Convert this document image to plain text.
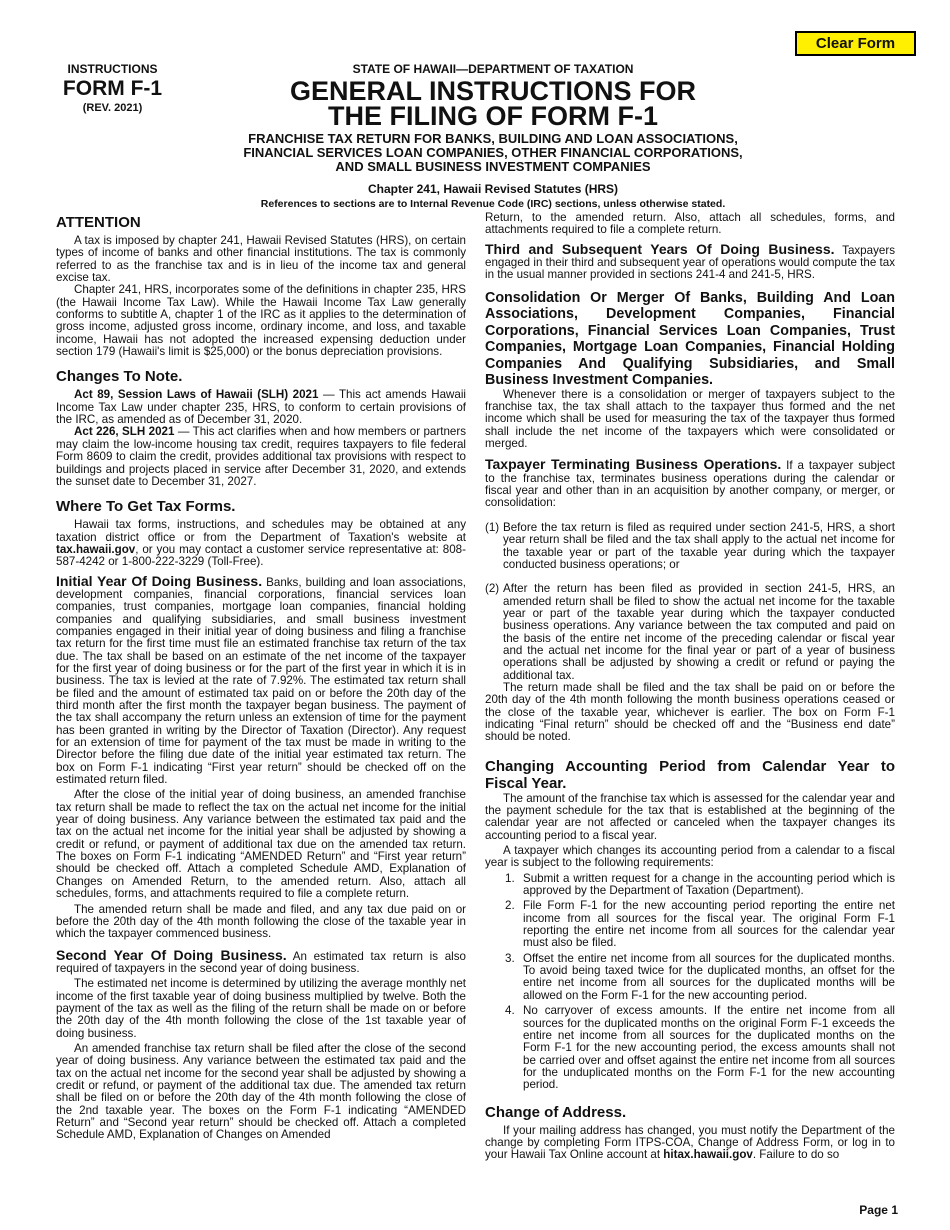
Clear Form
INSTRUCTIONS
FORM F-1
(REV. 2021)
STATE OF HAWAII—DEPARTMENT OF TAXATION
GENERAL INSTRUCTIONS FOR
THE FILING OF FORM F-1
FRANCHISE TAX RETURN FOR BANKS, BUILDING AND LOAN ASSOCIATIONS,
FINANCIAL SERVICES LOAN COMPANIES, OTHER FINANCIAL CORPORATIONS,
AND SMALL BUSINESS INVESTMENT COMPANIES
Chapter 241, Hawaii Revised Statutes (HRS)
References to sections are to Internal Revenue Code (IRC) sections, unless otherwise stated.
ATTENTION

A tax is imposed by chapter 241, Hawaii Revised Statutes (HRS), on certain types of income of banks and other financial institutions. The tax is commonly referred to as the franchise tax and is in lieu of the income tax and general excise tax.

Chapter 241, HRS, incorporates some of the definitions in chapter 235, HRS (the Hawaii Income Tax Law). While the Hawaii Income Tax Law generally conforms to subtitle A, chapter 1 of the IRC as it applies to the determination of gross income, adjusted gross income, ordinary income, and loss, and taxable income, Hawaii has not adopted the increased expensing deduction under section 179 (Hawaii's limit is $25,000) or the bonus depreciation provisions.

Changes To Note.

Act 89, Session Laws of Hawaii (SLH) 2021 — This act amends Hawaii Income Tax Law under chapter 235, HRS, to conform to certain provisions of the IRC, as amended as of December 31, 2020.

Act 226, SLH 2021 — This act clarifies when and how members or partners may claim the low-income housing tax credit, requires taxpayers to file federal Form 8609 to claim the credit, provides additional tax provisions with respect to buildings and projects placed in service after December 31, 2020, and extends the sunset date to December 31, 2027.

Where To Get Tax Forms.

Hawaii tax forms, instructions, and schedules may be obtained at any taxation district office or from the Department of Taxation's website at tax.hawaii.gov, or you may contact a customer service representative at: 808-587-4242 or 1-800-222-3229 (Toll-Free).

Initial Year Of Doing Business. Banks, building and loan associations, development companies, financial corporations, financial services loan companies, trust companies, mortgage loan companies, financial holding companies and qualifying subsidiaries, and small business investment companies engaged in their initial year of doing business and filing a franchise tax return for the first time must file an estimated franchise tax return of the tax due. The tax shall be based on an estimate of the net income of the taxpayer for the first year of doing business or for the part of the first year in which it is in business. The tax is levied at the rate of 7.92%. The estimated tax return shall be filed and the amount of estimated tax paid on or before the 20th day of the third month after the first month the taxpayer began business. The payment of the tax shall accompany the return unless an extension of time for the payment has been granted in writing by the Director of Taxation (Director). Any request for an extension of time for payment of the tax must be made in writing to the Director before the filing due date of the initial year estimated tax return. The box on Form F-1 indicating “First year return” should be checked off on the estimated return filed.

After the close of the initial year of doing business, an amended franchise tax return shall be made to reflect the tax on the actual net income for the initial year of doing business. Any variance between the estimated tax paid and the tax on the actual net income for the initial year shall be adjusted by showing a credit or refund, or payment of additional tax due on the amended tax return. The boxes on Form F-1 indicating “AMENDED Return” and “First year return” should be checked off. Attach a completed Schedule AMD, Explanation of Changes on Amended Return, to the amended return. Also, attach all schedules, forms, and attachments required to file a complete return.

The amended return shall be made and filed, and any tax due paid on or before the 20th day of the 4th month following the close of the taxable year in which the taxpayer commenced business.

Second Year Of Doing Business. An estimated tax return is also required of taxpayers in the second year of doing business.

The estimated net income is determined by utilizing the average monthly net income of the first taxable year of doing business multiplied by twelve. Both the payment of the tax as well as the filing of the return shall be made on or before the 20th day of the 4th month following the close of the 1st taxable year of doing business.

An amended franchise tax return shall be filed after the close of the second year of doing business. Any variance between the estimated tax paid and the tax on the actual net income for the second year shall be adjusted by showing a credit or refund, or payment of the additional tax due. The amended tax return shall be filed on or before the 20th day of the 4th month following the close of the 2nd taxable year. The boxes on the Form F-1 indicating “AMENDED Return” and “Second year return” should be checked off. Attach a completed Schedule AMD, Explanation of Changes on Amended

Return, to the amended return. Also, attach all schedules, forms, and attachments required to file a complete return.

Third and Subsequent Years Of Doing Business. Taxpayers engaged in their third and subsequent year of operations would compute the tax in the usual manner provided in sections 241-4 and 241-5, HRS.

Consolidation Or Merger Of Banks, Building And Loan Associations, Development Companies, Financial Corporations, Financial Services Loan Companies, Trust Companies, Mortgage Loan Companies, Financial Holding Companies And Qualifying Subsidiaries, and Small Business Investment Companies.

Whenever there is a consolidation or merger of taxpayers subject to the franchise tax, the tax shall attach to the taxpayer thus formed and the net income which shall be used for measuring the tax of the taxpayer thus formed shall include the net income of the taxpayers which were consolidated or merged.

Taxpayer Terminating Business Operations. If a taxpayer subject to the franchise tax, terminates business operations during the calendar or fiscal year and other than in an acquisition by another company, or merger, or consolidation:

(1) Before the tax return is filed as required under section 241-5, HRS, a short year return shall be filed and the tax shall apply to the actual net income for the taxable year or part of the taxable year during which the taxpayer conducted business operations; or
(2) After the return has been filed as provided in section 241-5, HRS, an amended return shall be filed to show the actual net income for the taxable year or part of the taxable year during which the taxpayer conducted business operations. Any variance between the tax computed and paid on the basis of the entire net income of the preceding calendar or fiscal year and the actual net income for the final year or part of a year of business operations shall be adjusted by showing a credit or refund or paying the additional tax.

The return made shall be filed and the tax shall be paid on or before the 20th day of the 4th month following the month business operations ceased or the close of the taxable year, whichever is earlier. The box on Form F-1 indicating “Final return” should be checked off and the “Business end date” should be noted.

Changing Accounting Period from Calendar Year to Fiscal Year.

The amount of the franchise tax which is assessed for the calendar year and the payment schedule for the tax that is established at the beginning of the calendar year are not affected or canceled when the taxpayer changes its accounting period to a fiscal year.

A taxpayer which changes its accounting period from a calendar to a fiscal year is subject to the following requirements:

1. Submit a written request for a change in the accounting period which is approved by the Department of Taxation (Department).
2. File Form F-1 for the new accounting period reporting the entire net income from all sources for the fiscal year. The original Form F-1 reporting the entire net income from all sources for the calendar year must also be filed.
3. Offset the entire net income from all sources for the duplicated months. To avoid being taxed twice for the duplicated months, an offset for the entire net income from all sources for the duplicated months will be allowed on the Form F-1 for the new accounting period.
4. No carryover of excess amounts. If the entire net income from all sources for the duplicated months on the original Form F-1 exceeds the entire net income from all sources for the duplicated months on the Form F-1 for the new accounting period, the excess amounts shall not be carried over and offset against the entire net income from all sources for the unduplicated months on the Form F-1 for the new accounting period.
Change of Address.

If your mailing address has changed, you must notify the Department of the change by completing Form ITPS-COA, Change of Address Form, or log in to your Hawaii Tax Online account at hitax.hawaii.gov. Failure to do so

Page 1
